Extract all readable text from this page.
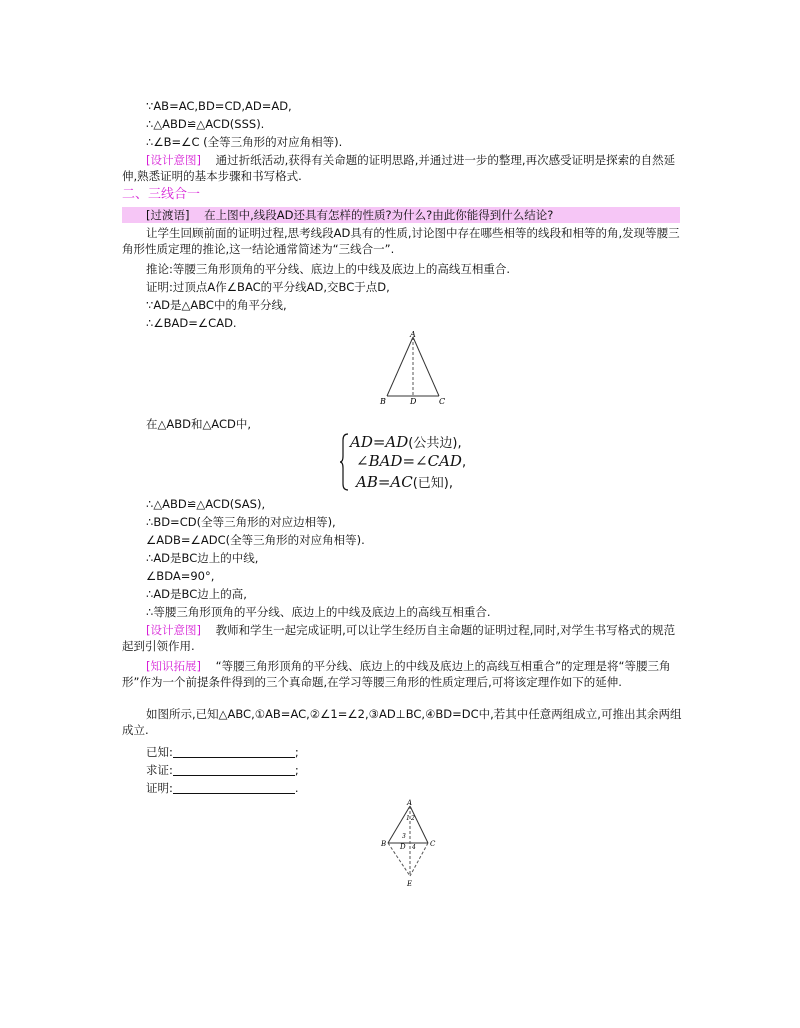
∵AB=AC,BD=CD,AD=AD,
∴△ABD≌△ACD(SSS).
∴∠B=∠C (全等三角形的对应角相等).
[设计意图] 通过折纸活动,获得有关命题的证明思路,并通过进一步的整理,再次感受证明是探索的自然延伸,熟悉证明的基本步骤和书写格式.
二、三线合一
[过渡语] 在上图中,线段AD还具有怎样的性质?为什么?由此你能得到什么结论?
让学生回顾前面的证明过程,思考线段AD具有的性质,讨论图中存在哪些相等的线段和相等的角,发现等腰三角形性质定理的推论,这一结论通常简述为“三线合一”.
推论:等腰三角形顶角的平分线、底边上的中线及底边上的高线互相重合.
证明:过顶点A作∠BAC的平分线AD,交BC于点D,
∵AD是△ABC中的角平分线,
∴∠BAD=∠CAD.
A
B	D	C
在△ABD和△ACD中,
AD=AD(公共边),
∠BAD=∠CAD,
AB=AC(已知),
∴△ABD≌△ACD(SAS),
∴BD=CD(全等三角形的对应边相等),
∠ADB=∠ADC(全等三角形的对应角相等).
∴AD是BC边上的中线,
∠BDA=90°,
∴AD是BC边上的高,
∴等腰三角形顶角的平分线、底边上的中线及底边上的高线互相重合.
[设计意图] 教师和学生一起完成证明,可以让学生经历自主命题的证明过程,同时,对学生书写格式的规范起到引领作用.
[知识拓展] “等腰三角形顶角的平分线、底边上的中线及底边上的高线互相重合”的定理是将“等腰三角形”作为一个前提条件得到的三个真命题,在学习等腰三角形的性质定理后,可将该定理作如下的延伸.
如图所示,已知△ABC,①AB=AC,②∠1=∠2,③AD⊥BC,④BD=DC中,若其中任意两组成立,可推出其余两组成立.
已知:	;
求证:	;
证明:	.
A
B	C
D
E
1 2
3
4
